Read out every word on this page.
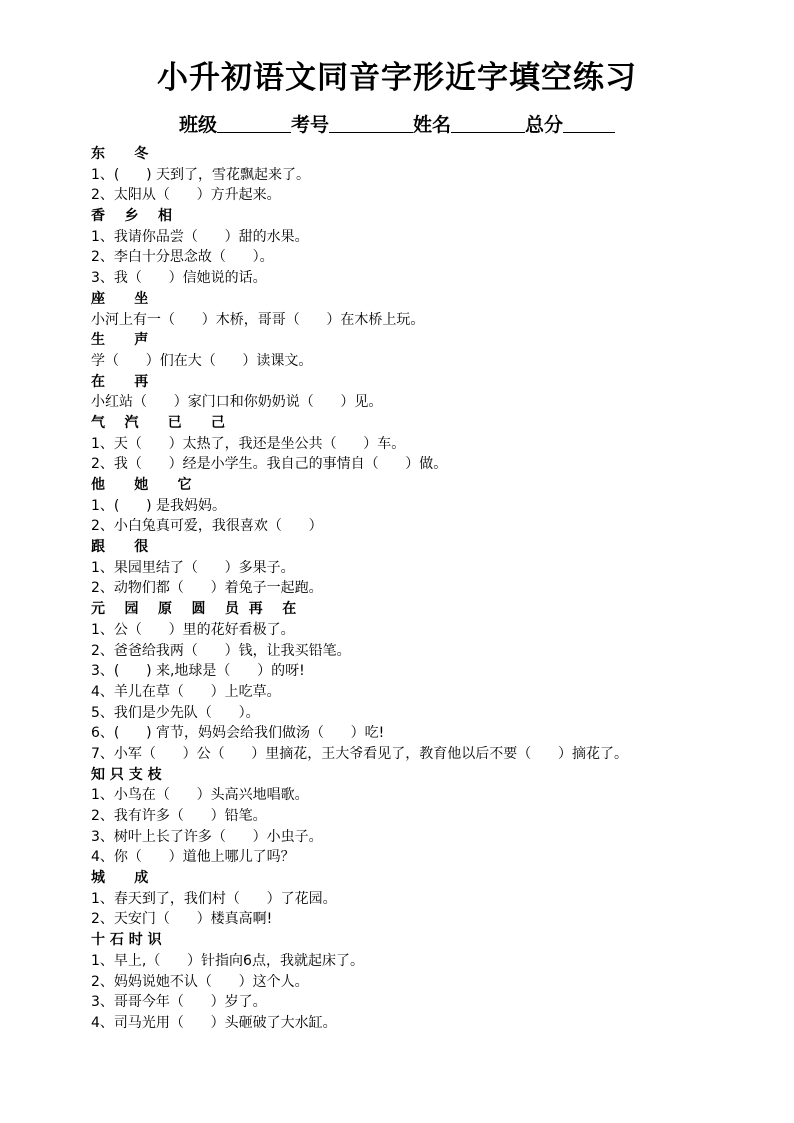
小升初语文同音字形近字填空练习
班级	考号	姓名	总分
东      冬
1、(      ) 天到了，雪花飘起来了。
2、太阳从（      ）方升起来。
香    乡    相
1、我请你品尝（      ）甜的水果。
2、李白十分思念故（      ）。
3、我（      ）信她说的话。
座      坐
小河上有一（      ）木桥，哥哥（      ）在木桥上玩。
生      声
学（      ）们在大（      ）读课文。
在      再
小红站（      ）家门口和你奶奶说（      ）见。
气    汽      已      己
1、天（      ）太热了，我还是坐公共（      ）车。
2、我（      ）经是小学生。我自己的事情自（      ）做。
他      她      它
1、(      ) 是我妈妈。
2、小白兔真可爱，我很喜欢（      ）
跟      很
1、果园里结了（      ）多果子。
2、动物们都（      ）着兔子一起跑。
元    园    原    圆    员  再    在
1、公（      ）里的花好看极了。
2、爸爸给我两（      ）钱，让我买铅笔。
3、(      ) 来,地球是（      ）的呀!
4、羊儿在草（      ）上吃草。
5、我们是少先队（      ）。
6、(      ) 宵节，妈妈会给我们做汤（      ）吃!
7、小军（      ）公（      ）里摘花，王大爷看见了，教育他以后不要（      ）摘花了。
知 只 支 枝
1、小鸟在（      ）头高兴地唱歌。
2、我有许多（      ）铅笔。
3、树叶上长了许多（      ）小虫子。
4、你（      ）道他上哪儿了吗？
城      成
1、春天到了，我们村（      ）了花园。
2、天安门（      ）楼真高啊!
十 石 时 识
1、早上,（      ）针指向6点，我就起床了。
2、妈妈说她不认（      ）这个人。
3、哥哥今年（      ）岁了。
4、司马光用（      ）头砸破了大水缸。
